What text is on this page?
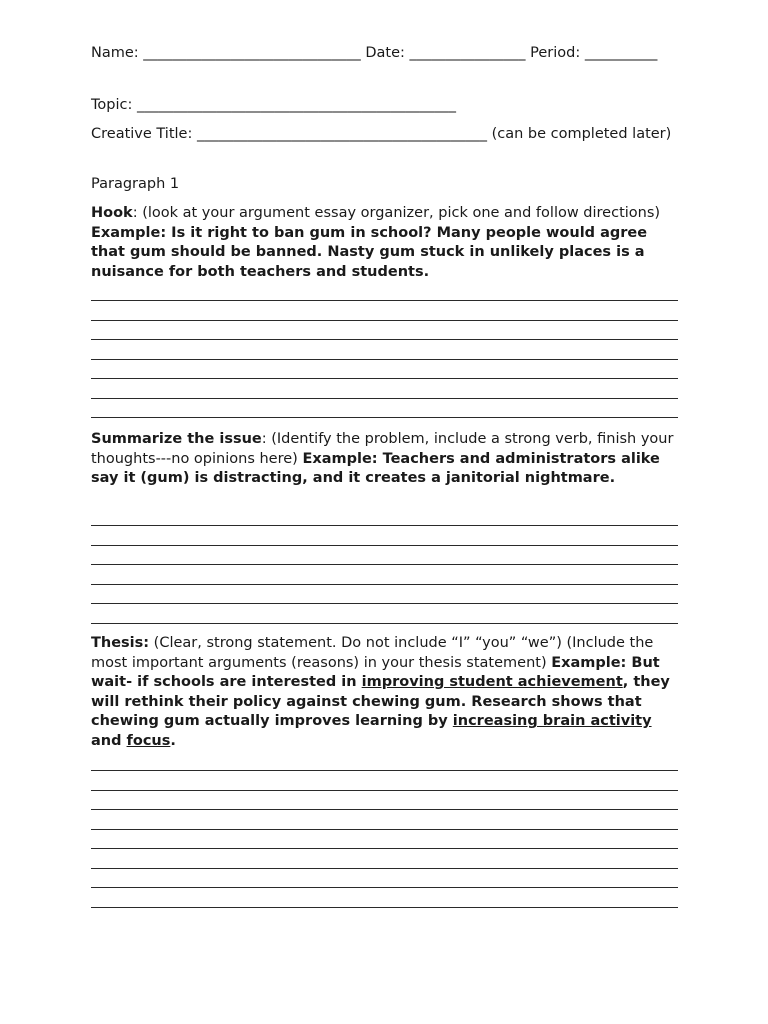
Name: ______________________________ Date: ________________ Period: __________

Topic: ____________________________________________

Creative Title: ________________________________________ (can be completed later)

Paragraph 1

Hook: (look at your argument essay organizer, pick one and follow directions) Example: Is it right to ban gum in school? Many people would agree that gum should be banned. Nasty gum stuck in unlikely places is a nuisance for both teachers and students.

Summarize the issue: (Identify the problem, include a strong verb, finish your thoughts---no opinions here) Example: Teachers and administrators alike say it (gum) is distracting, and it creates a janitorial nightmare.

Thesis: (Clear, strong statement. Do not include “I” “you” “we”) (Include the most important arguments (reasons) in your thesis statement) Example: But wait- if schools are interested in improving student achievement, they will rethink their policy against chewing gum. Research shows that chewing gum actually improves learning by increasing brain activity and focus.
